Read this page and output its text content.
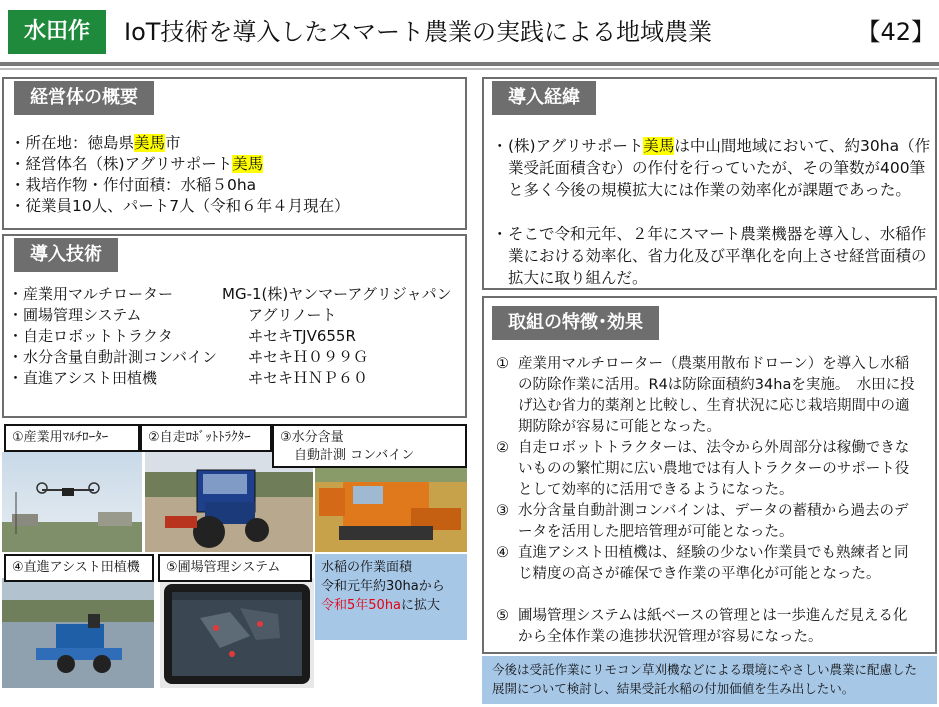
水田作	IoT技術を導入したスマート農業の実践による地域農業	【42】
経営体の概要
・所在地：徳島県美馬市
・経営体名（株)アグリサポート美馬
・栽培作物・作付面積：水稲５0ha
・従業員10人、パート7人（令和６年４月現在）
導入技術
・産業用マルチローター	MG-1(株)ヤンマーアグリジャパン
・圃場管理システム	アグリノート
・自走ロボットトラクタ	ヰセキTJV655R
・水分含量自動計測コンバイン ヰセキＨ０９９Ｇ
・直進アシスト田植機	ヰセキＨＮＰ６０
①産業用ﾏﾙﾁﾛｰﾀｰ	②自走ﾛﾎﾞｯﾄﾄﾗｸﾀｰ	③水分含量
自動計測 コンバイン
④直進アシスト田植機	⑤圃場管理システム	水稲の作業面積
令和元年約30haから
令和5年50haに拡大
導入経緯
・ (株)アグリサポート美馬は中山間地域において、約30ha（作業受託面積含む）の作付を行っていたが、その筆数が400筆と多く今後の規模拡大には作業の効率化が課題であった。
・ そこで令和元年、２年にスマート農業機器を導入し、水稲作業における効率化、省力化及び平準化を向上させ経営面積の拡大に取り組んだ。
取組の特徴･効果
① 産業用マルチローター（農薬用散布ドローン）を導入し水稲の防除作業に活用。R4は防除面積約34haを実施。　水田に投げ込む省力的薬剤と比較し、生育状況に応じ栽培期間中の適期防除が容易に可能となった。
② 自走ロボットトラクターは、法令から外周部分は稼働できないものの繁忙期に広い農地では有人トラクターのサポート役として効率的に活用できるようになった。
③ 水分含量自動計測コンバインは、データの蓄積から過去のデータを活用した肥培管理が可能となった。
④ 直進アシスト田植機は、経験の少ない作業員でも熟練者と同じ精度の高さが確保でき作業の平準化が可能となった。
⑤ 圃場管理システムは紙ベースの管理とは一歩進んだ見える化から全体作業の進捗状況管理が容易になった。
今後は受託作業にリモコン草刈機などによる環境にやさしい農業に配慮した展開について検討し、結果受託水稲の付加価値を生み出したい。
